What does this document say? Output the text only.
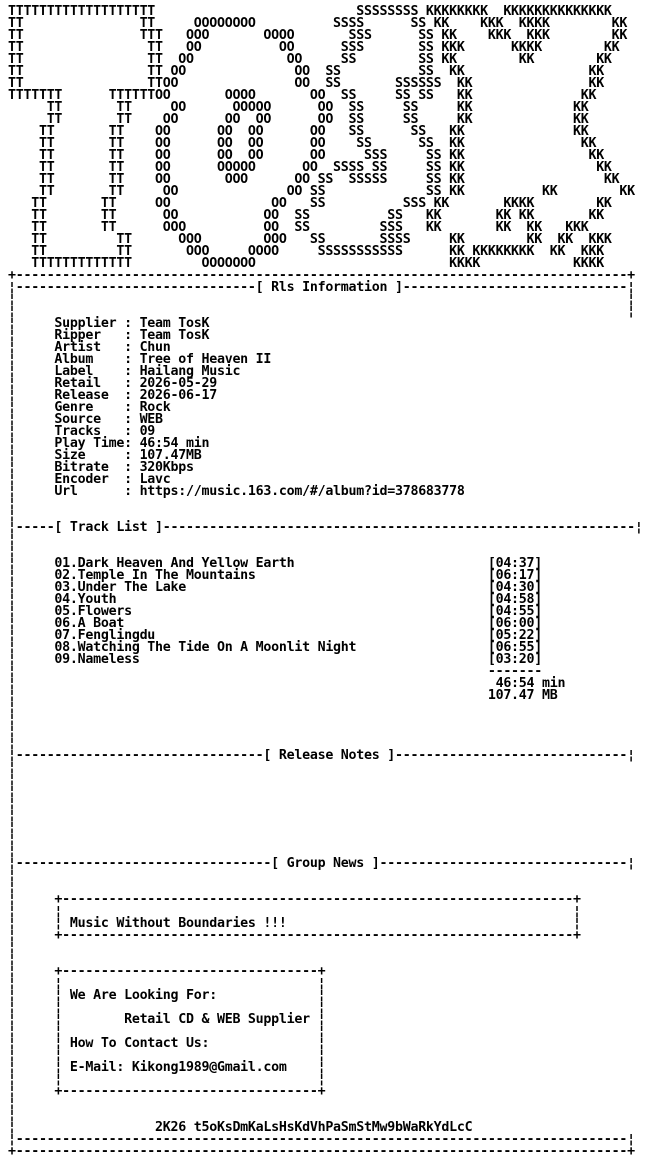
TTTTTTTTTTTTTTTTTTT                          SSSSSSSS KKKKKKKK  KKKKKKKKKKKKKK
TT               TT     OOOOOOOO          SSSS      SS KK    KKK  KKKK        KK
TT               TTT   OOO       OOOO       SSS      SS KK    KKK  KKK        KK
TT                TT   OO          OO      SSS       SS KKK      KKKK        KK
TT                TT  OO            OO     SS        SS KK        KK        KK
TT                TT OO              OO  SS          SS  KK                KK
TT                TTOO               OO  SS       SSSSSS  KK               KK
TTTTTTT      TTTTTTOO       OOOO       OO  SS     SS SS   KK              KK
TT       TT     OO      OOOOO      OO  SS     SS     KK             KK
TT       TT    OO      OO  OO      OO  SS     SS     KK             KK
TT       TT    OO      OO  OO      OO   SS      SS   KK              KK
TT       TT    OO      OO  OO      OO    SS      SS  KK               KK
TT       TT    OO      OO  OO      OO     SSS     SS KK                KK
TT       TT    OO      OOOOO      OO  SSSS SS     SS KK                 KK
TT       TT    OO       OOO      OO SS  SSSSS     SS KK                  KK
TT       TT     OO              OO SS             SS KK          KK        KK
TT       TT     OO             OO   SS          SSS KK       KKKK        KK
TT       TT      OO           OO  SS          SS   KK       KK KK       KK
TT       TT      OOO          OO  SS         SSS   KK       KK  KK   KKK
TT         TT      OOO        OOO   SS       SSSS     KK        KK  KK  KKK
TT         TT       OOO     OOOO     SSSSSSSSSSS      KK KKKKKKKK  KK  KKK
TTTTTTTTTTTTT         OOOOOOO                         KKKK            KKKK
+-------------------------------------------------------------------------------+
¦-------------------------------[ Rls Information ]-----------------------------¦
¦                                                                               ¦
¦                                                                               ¦
¦     Supplier : Team TosK
¦     Ripper   : Team TosK
¦     Artist   : Chun
¦     Album    : Tree of Heaven II
¦     Label    : Hailang Music
¦     Retail   : 2026-05-29
¦     Release  : 2026-06-17
¦     Genre    : Rock
¦     Source   : WEB
¦     Tracks   : 09
¦     Play Time: 46:54 min
¦     Size     : 107.47MB
¦     Bitrate  : 320Kbps
¦     Encoder  : Lavc
¦     Url      : https://music.163.com/#/album?id=378683778
¦
¦
¦-----[ Track List ]-------------------------------------------------------------¦
¦
¦
¦     01.Dark Heaven And Yellow Earth                         [04:37]
¦     02.Temple In The Mountains                              [06:17]
¦     03.Under The Lake                                       [04:30]
¦     04.Youth                                                [04:58]
¦     05.Flowers                                              [04:55]
¦     06.A Boat                                               [06:00]
¦     07.Fenglingdu                                           [05:22]
¦     08.Watching The Tide On A Moonlit Night                 [06:55]
¦     09.Nameless                                             [03:20]
¦                                                             -------
¦                                                              46:54 min
¦                                                             107.47 MB
¦
¦
¦
¦
¦--------------------------------[ Release Notes ]------------------------------¦
¦
¦
¦
¦
¦
¦
¦
¦
¦---------------------------------[ Group News ]--------------------------------¦
¦
¦
¦     +------------------------------------------------------------------+
¦     ¦                                                                  ¦
¦     ¦ Music Without Boundaries !!!                                     ¦
¦     +------------------------------------------------------------------+
¦
¦
¦     +---------------------------------+
¦     ¦                                 ¦
¦     ¦ We Are Looking For:             ¦
¦     ¦                                 ¦
¦     ¦        Retail CD & WEB Supplier ¦
¦     ¦                                 ¦
¦     ¦ How To Contact Us:              ¦
¦     ¦                                 ¦
¦     ¦ E-Mail: Kikong1989@Gmail.com    ¦
¦     ¦                                 ¦
¦     +---------------------------------+
¦
¦
¦                  2K26 t5oKsDmKaLsHsKdVhPaSmStMw9bWaRkYdLcC
¦-------------------------------------------------------------------------------¦
+-------------------------------------------------------------------------------+
